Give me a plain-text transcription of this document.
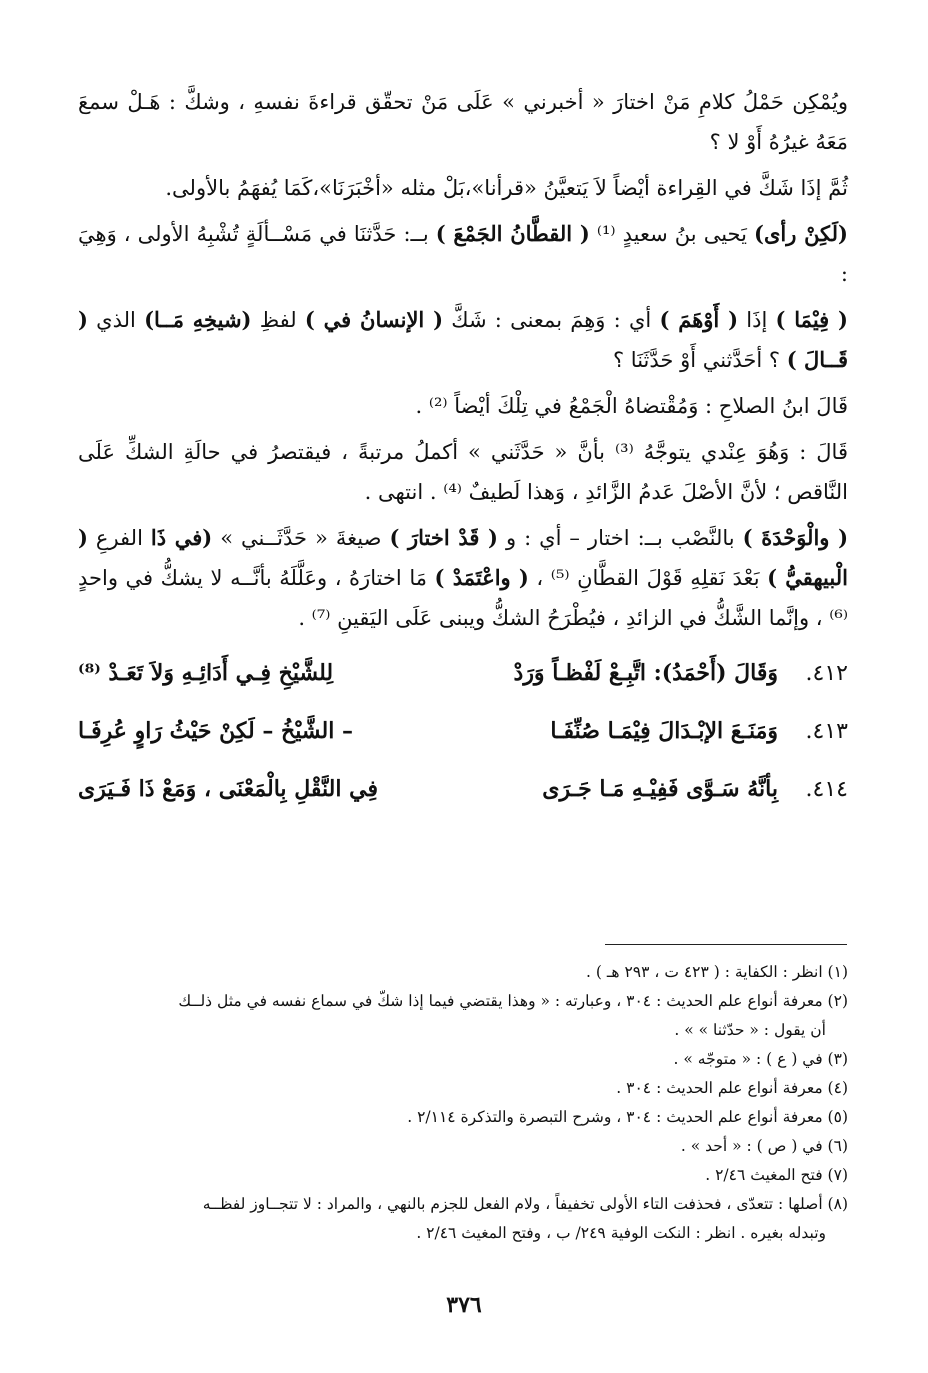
ويُمْكِن حَمْلُ كلامِ مَنْ اختارَ « أخبرني » عَلَى مَنْ تحقّق قراءةَ نفسهِ ، وشكَّ : هَـلْ سمعَ مَعَهُ غيرُهُ أَوْ لا ؟

ثُمَّ إذَا شَكَّ في القِراءة أيْضاً لاَ يَتعيَّنُ «قرأنا»،بَلْ مثله «أخْبَرَنَا»،كَمَا يُفهَمُ بالأولى.

(لَكِنْ رأى) يَحيى بنُ سعيدٍ ⁽¹⁾ ( القطَّانُ الجَمْعَ ) بــ: حَدَّثنَا في مَسْــألَةٍ تُشْبِهُ الأولى ، وَهِيَ :

( فِيْمَا ) إذَا ( أَوْهَمَ ) أي : وَهِمَ بمعنى : شَكَّ ( الإنسانُ في ) لفظِ (شيخِهِ مَــا) الذي ( قَــالَ ) ؟ أحَدَّثني أَوْ حَدَّثَنَا ؟

قَالَ ابنُ الصلاحِ : وَمُقْتضاهُ الْجَمْعُ في تِلْكَ أيْضاً ⁽²⁾ .

قَالَ : وَهُوَ عِنْدي يتوجَّهُ ⁽³⁾ بأنَّ « حَدَّثَني » أكملُ مرتبةً ، فيقتصرُ في حالَةِ الشكِّ عَلَى النَّاقص ؛ لأنَّ الأصْلَ عَدمُ الزَّائدِ ، وَهذا لَطيفٌ ⁽⁴⁾ . انتهى .

( والْوَحْدَةَ ) بالنَّصْب بــ: اختار – أي : و ( قَدْ اختارَ ) صيغةَ « حَدَّثَــني » (في ذَا الفرعِ ( الْبيهقيُّ ) بَعْدَ نَقلِهِ قَوْلَ القطَّانِ ⁽⁵⁾ ، ( واعْتَمَدْ ) مَا اختارَهُ ، وعَلَّلَهُ بأنَّــه لا يشكُّ في واحدٍ ⁽⁶⁾ ، وإنَّما الشَّكُّ في الزائدِ ، فيُطْرَحُ الشكُّ ويبنى عَلَى اليَقينِ ⁽⁷⁾ .

٤١٢.
وَقَالَ (أَحْمَدُ): اتَّبِـعْ لَفْظـاً وَرَدْ
لِلشَّيْخِ فِـي أَدَائِـهِ وَلاَ تَعَـدْ ⁽⁸⁾
٤١٣.
وَمَنَـعَ الإبْـدَالَ فِيْمَـا صُنِّفَـا
– الشَّيْخُ – لَكِنْ حَيْثُ رَاوٍ عُرِفَـا
٤١٤.
بِأنَّهُ سَـوَّى فَفِيْـهِ مَـا جَـرَى
فِي النَّقْلِ بِالْمَعْنَى ، وَمَعْ ذَا فَـيَرَى

(١) انظر : الكفاية : ( ٤٢٣ ت ، ٢٩٣ هـ ) .

(٢) معرفة أنواع علم الحديث : ٣٠٤ ، وعبارته : « وهذا يقتضي فيما إذا شكّ في سماع نفسه في مثل ذلــك

أن يقول : « حدّثنا » » .

(٣) في ( ع ) : « متوجّه » .

(٤) معرفة أنواع علم الحديث : ٣٠٤ .

(٥) معرفة أنواع علم الحديث : ٣٠٤ ، وشرح التبصرة والتذكرة ٢/١١٤ .

(٦) في ( ص ) : « أحد » .

(٧) فتح المغيث ٢/٤٦ .

(٨) أصلها : تتعدّى ، فحذفت التاء الأولى تخفيفاً ، ولام الفعل للجزم بالنهي ، والمراد : لا تتجــاوز لفظــه

وتبدله بغيره . انظر : النكت الوفية ٢٤٩/ ب ، وفتح المغيث ٢/٤٦ .

٣٧٦
